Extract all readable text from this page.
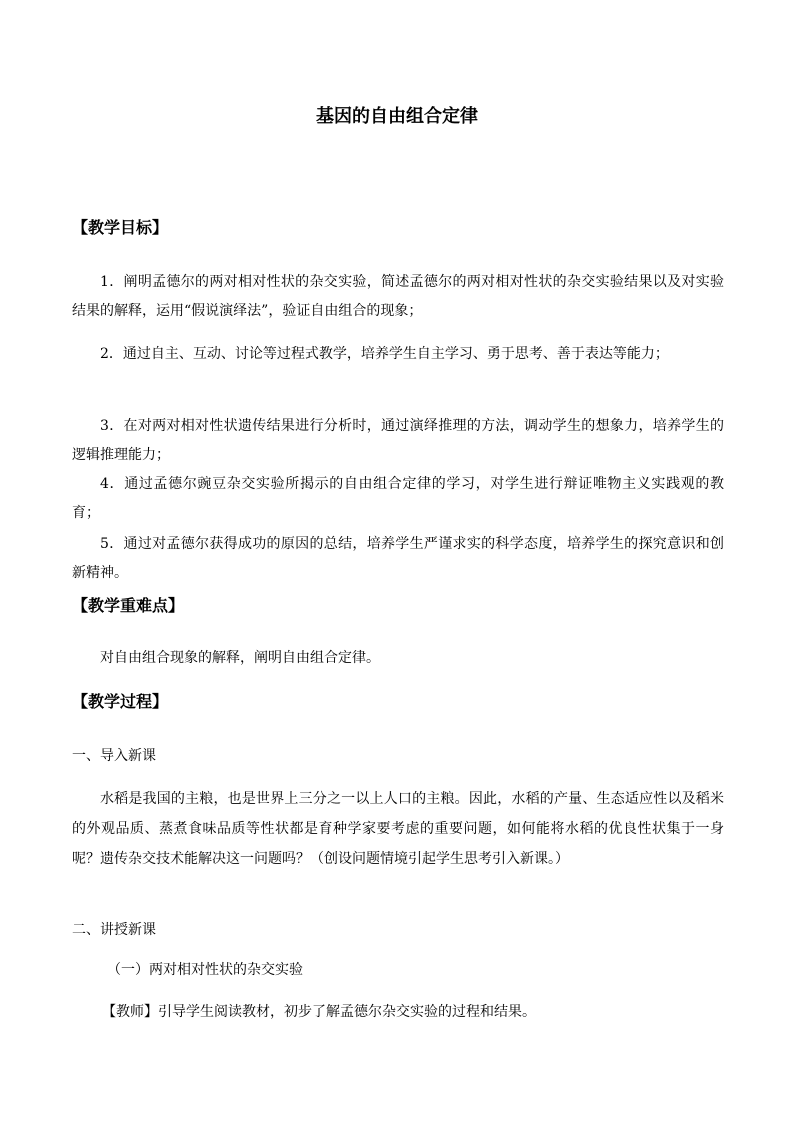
基因的自由组合定律
【教学目标】
1．阐明孟德尔的两对相对性状的杂交实验，简述孟德尔的两对相对性状的杂交实验结果以及对实验结果的解释，运用“假说演绎法”，验证自由组合的现象；
2．通过自主、互动、讨论等过程式教学，培养学生自主学习、勇于思考、善于表达等能力；
3．在对两对相对性状遗传结果进行分析时，通过演绎推理的方法，调动学生的想象力，培养学生的逻辑推理能力；
4．通过孟德尔豌豆杂交实验所揭示的自由组合定律的学习，对学生进行辩证唯物主义实践观的教育；
5．通过对孟德尔获得成功的原因的总结，培养学生严谨求实的科学态度，培养学生的探究意识和创新精神。
【教学重难点】
对自由组合现象的解释，阐明自由组合定律。
【教学过程】
一、导入新课
水稻是我国的主粮，也是世界上三分之一以上人口的主粮。因此，水稻的产量、生态适应性以及稻米的外观品质、蒸煮食味品质等性状都是育种学家要考虑的重要问题，如何能将水稻的优良性状集于一身呢？遗传杂交技术能解决这一问题吗？（创设问题情境引起学生思考引入新课。）
二、讲授新课
（一）两对相对性状的杂交实验
【教师】引导学生阅读教材，初步了解孟德尔杂交实验的过程和结果。
